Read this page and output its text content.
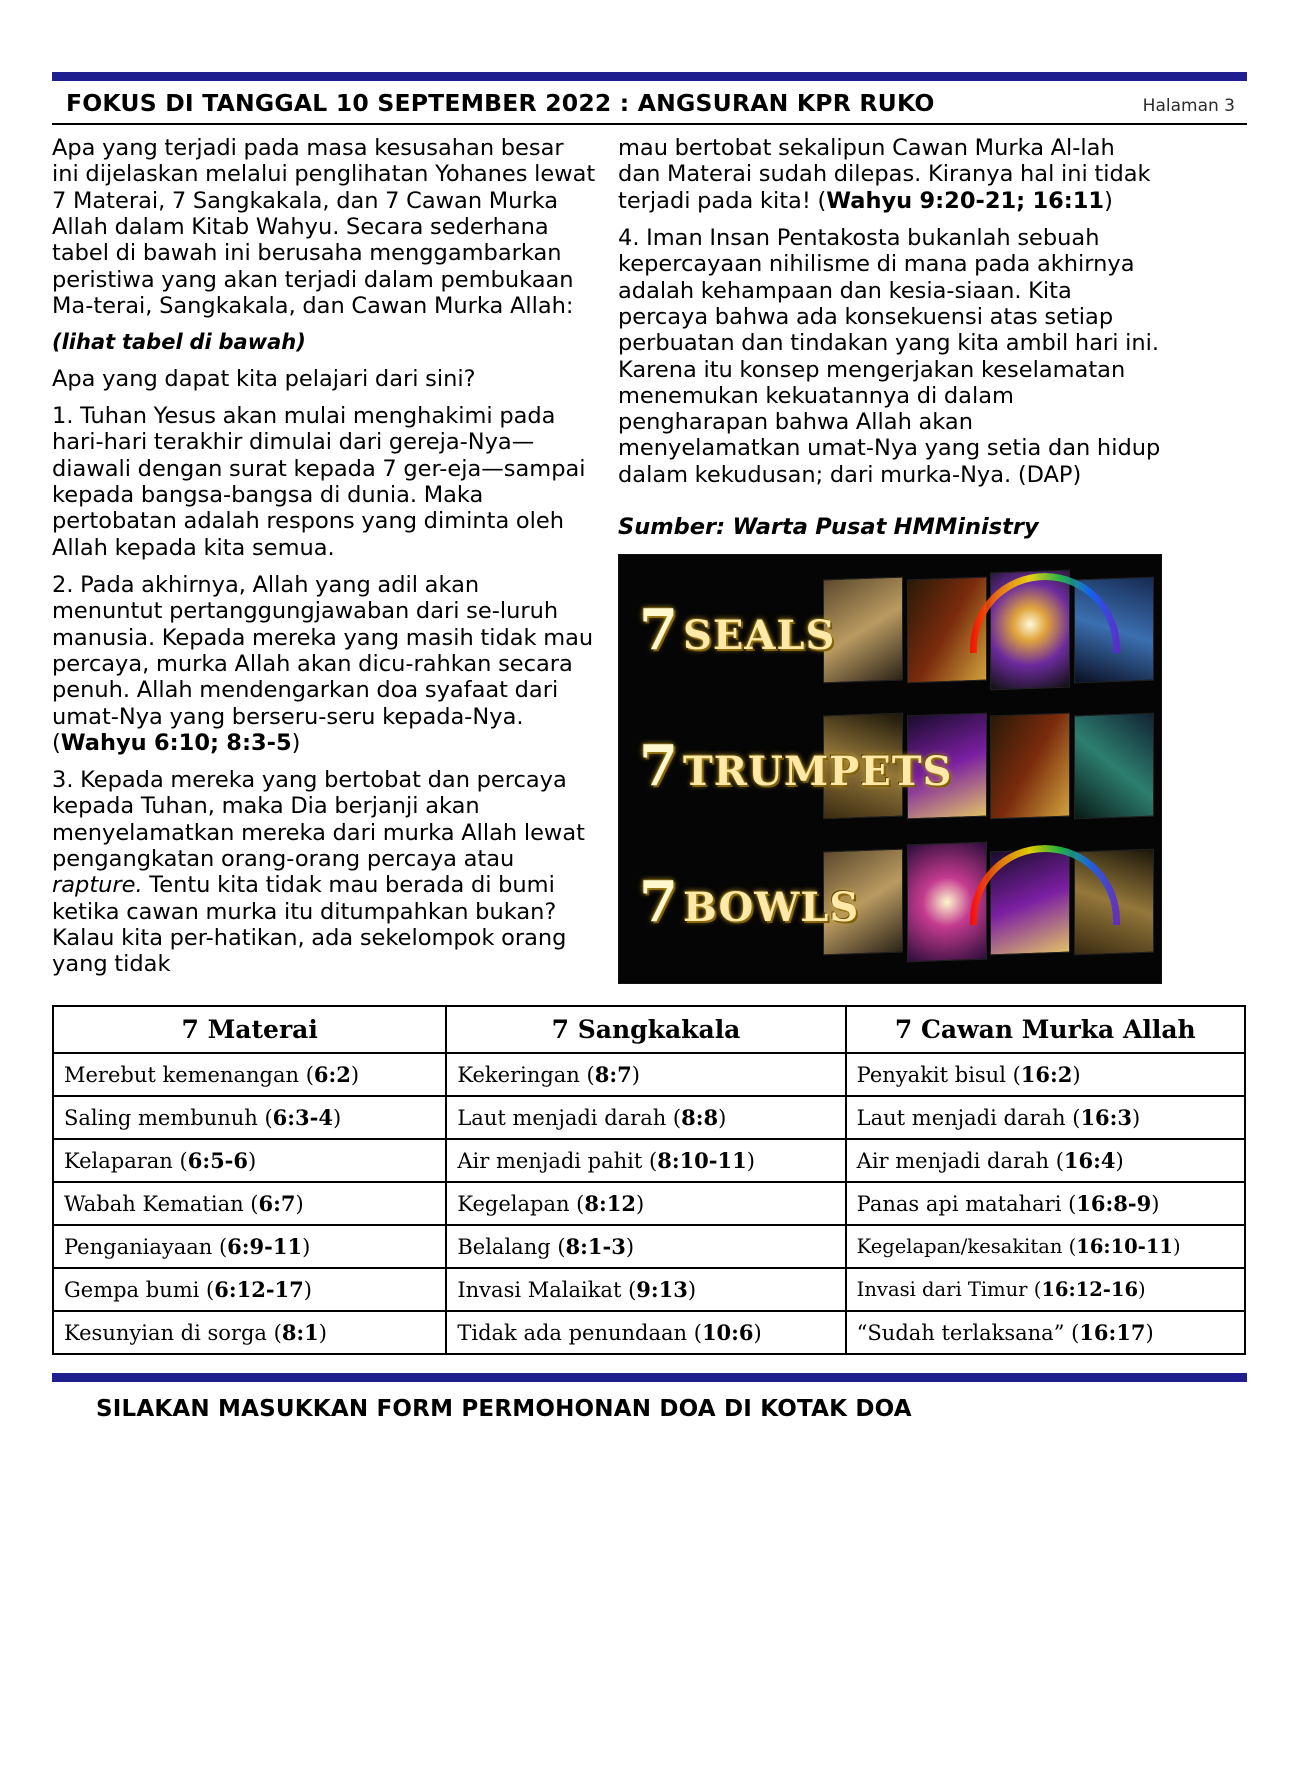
FOKUS DI TANGGAL 10 SEPTEMBER 2022 : ANGSURAN KPR RUKO	Halaman 3

Apa yang terjadi pada masa kesusahan besar ini dijelaskan melalui penglihatan Yohanes lewat 7 Materai, 7 Sangkakala, dan 7 Cawan Murka Allah dalam Kitab Wahyu. Secara sederhana tabel di bawah ini berusaha menggambarkan peristiwa yang akan terjadi dalam pembukaan Ma-terai, Sangkakala, dan Cawan Murka Allah:

(lihat tabel di bawah)

Apa yang dapat kita pelajari dari sini?

1. Tuhan Yesus akan mulai menghakimi pada hari-hari terakhir dimulai dari gereja-Nya—diawali dengan surat kepada 7 ger-eja—sampai kepada bangsa-bangsa di dunia. Maka pertobatan adalah respons yang diminta oleh Allah kepada kita semua.

2. Pada akhirnya, Allah yang adil akan menuntut pertanggungjawaban dari se-luruh manusia. Kepada mereka yang masih tidak mau percaya, murka Allah akan dicu-rahkan secara penuh. Allah mendengarkan doa syafaat dari umat-Nya yang berseru-seru kepada-Nya. (Wahyu 6:10; 8:3-5)

3. Kepada mereka yang bertobat dan percaya kepada Tuhan, maka Dia berjanji akan menyelamatkan mereka dari murka Allah lewat pengangkatan orang-orang percaya atau rapture. Tentu kita tidak mau berada di bumi ketika cawan murka itu ditumpahkan bukan? Kalau kita per-hatikan, ada sekelompok orang yang tidak

mau bertobat sekalipun Cawan Murka Al-lah dan Materai sudah dilepas. Kiranya hal ini tidak terjadi pada kita! (Wahyu 9:20-21; 16:11)

4. Iman Insan Pentakosta bukanlah sebuah kepercayaan nihilisme di mana pada akhirnya adalah kehampaan dan kesia-siaan. Kita percaya bahwa ada konsekuensi atas setiap perbuatan dan tindakan yang kita ambil hari ini. Karena itu konsep mengerjakan keselamatan menemukan kekuatannya di dalam pengharapan bahwa Allah akan menyelamatkan umat-Nya yang setia dan hidup dalam kekudusan; dari murka-Nya. (DAP)

Sumber: Warta Pusat HMMinistry

7 SEALS
7 TRUMPETS
7 BOWLS
7 Materai	7 Sangkakala	7 Cawan Murka Allah
Merebut kemenangan (6:2)	Kekeringan (8:7)	Penyakit bisul (16:2)
Saling membunuh (6:3-4)	Laut menjadi darah (8:8)	Laut menjadi darah (16:3)
Kelaparan (6:5-6)	Air menjadi pahit (8:10-11)	Air menjadi darah (16:4)
Wabah Kematian (6:7)	Kegelapan (8:12)	Panas api matahari (16:8-9)
Penganiayaan (6:9-11)	Belalang (8:1-3)	Kegelapan/kesakitan (16:10-11)
Gempa bumi (6:12-17)	Invasi Malaikat (9:13)	Invasi dari Timur (16:12-16)
Kesunyian di sorga (8:1)	Tidak ada penundaan (10:6)	“Sudah terlaksana” (16:17)
SILAKAN MASUKKAN FORM PERMOHONAN DOA DI KOTAK DOA
